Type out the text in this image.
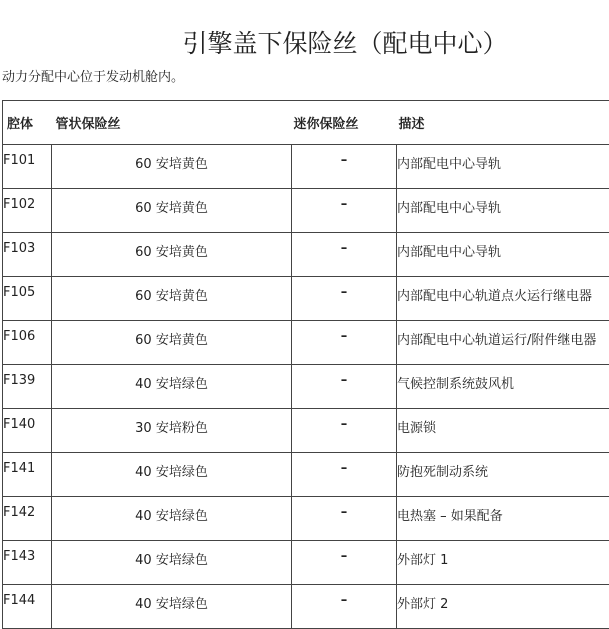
引擎盖下保险丝（配电中心）
动力分配中心位于发动机舱内。
腔体	管状保险丝	迷你保险丝	描述
F101	60 安培黄色	–	内部配电中心导轨
F102	60 安培黄色	–	内部配电中心导轨
F103	60 安培黄色	–	内部配电中心导轨
F105	60 安培黄色	–	内部配电中心轨道点火运行继电器
F106	60 安培黄色	–	内部配电中心轨道运行/附件继电器
F139	40 安培绿色	–	气候控制系统鼓风机
F140	30 安培粉色	–	电源锁
F141	40 安培绿色	–	防抱死制动系统
F142	40 安培绿色	–	电热塞 – 如果配备
F143	40 安培绿色	–	外部灯 1
F144	40 安培绿色	–	外部灯 2
